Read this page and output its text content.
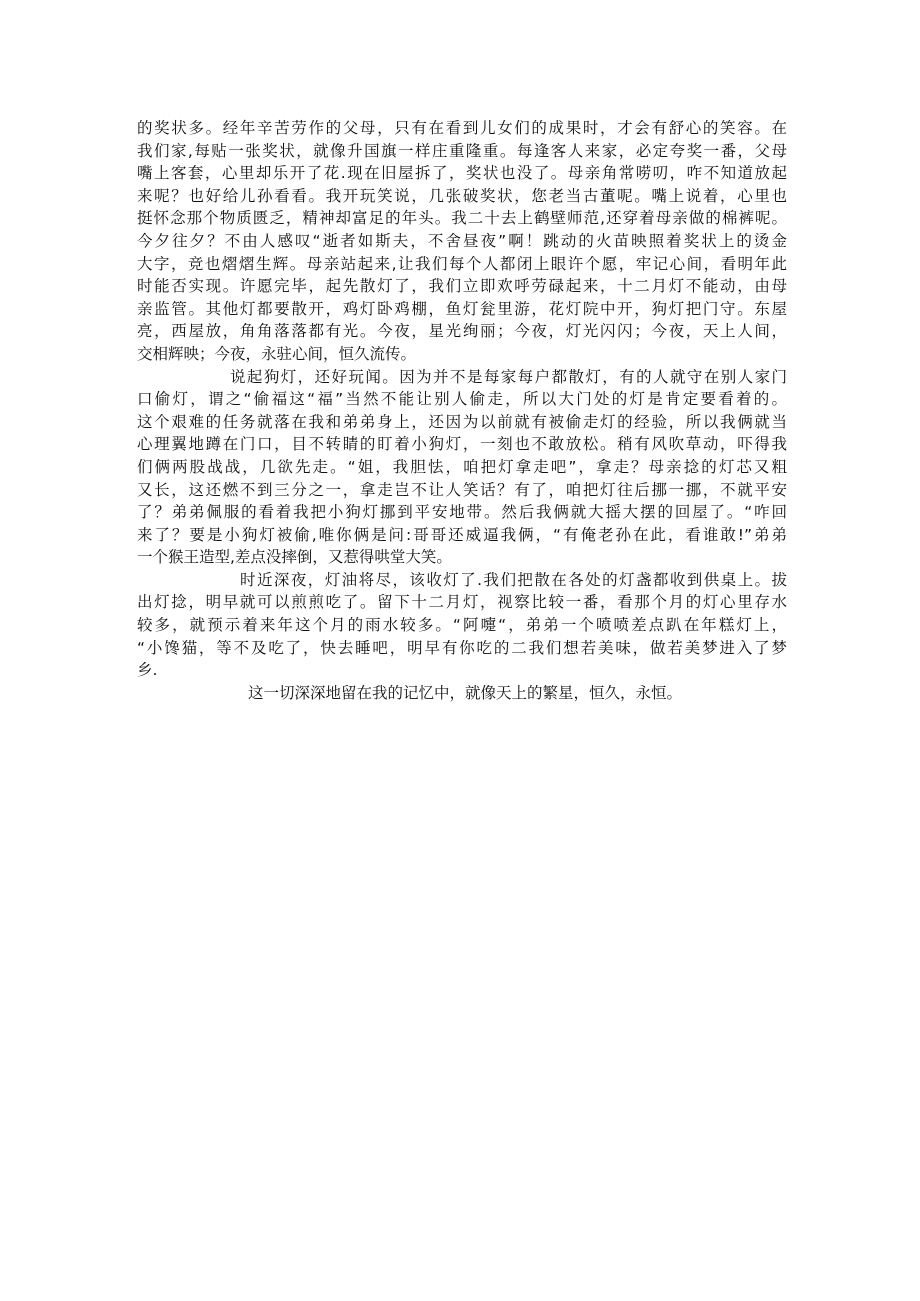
的奖状多。经年辛苦劳作的父母，只有在看到儿女们的成果时，才会有舒心的笑容。在
我们家,每贴一张奖状，就像升国旗一样庄重隆重。每逢客人来家，必定夸奖一番，父母
嘴上客套，心里却乐开了花.现在旧屋拆了，奖状也没了。母亲角常唠叨，咋不知道放起
来呢？也好给儿孙看看。我开玩笑说，几张破奖状，您老当古董呢。嘴上说着，心里也
挺怀念那个物质匮乏，精神却富足的年头。我二十去上鹤壁师范,还穿着母亲做的棉裤呢。
今夕往夕？不由人感叹“逝者如斯夫，不舍昼夜”啊！跳动的火苗映照着奖状上的烫金
大字，竞也熠熠生辉。母亲站起来,让我们每个人都闭上眼许个愿，牢记心间，看明年此
时能否实现。许愿完毕，起先散灯了，我们立即欢呼劳碌起来，十二月灯不能动，由母
亲监管。其他灯都要散开，鸡灯卧鸡棚，鱼灯瓮里游，花灯院中开，狗灯把门守。东屋
亮，西屋放，角角落落都有光。今夜，星光绚丽；今夜，灯光闪闪；今夜，天上人间，
交相辉映；今夜，永驻心间，恒久流传。
说起狗灯，还好玩闻。因为并不是每家每户都散灯，有的人就守在别人家门
口偷灯，谓之“偷福这“福”当然不能让别人偷走，所以大门处的灯是肯定要看着的。
这个艰难的任务就落在我和弟弟身上，还因为以前就有被偷走灯的经验，所以我俩就当
心理翼地蹲在门口，目不转睛的盯着小狗灯，一刻也不敢放松。稍有风吹草动，吓得我
们俩两股战战，几欲先走。“姐，我胆怯，咱把灯拿走吧”，拿走？母亲捻的灯芯又粗
又长，这还燃不到三分之一，拿走岂不让人笑话？有了，咱把灯往后挪一挪，不就平安
了？弟弟佩服的看着我把小狗灯挪到平安地带。然后我俩就大摇大摆的回屋了。“咋回
来了？要是小狗灯被偷,唯你俩是问:哥哥还威逼我俩，“有俺老孙在此，看谁敢!”弟弟
一个猴王造型,差点没摔倒，又惹得哄堂大笑。
时近深夜，灯油将尽，该收灯了.我们把散在各处的灯盏都收到供桌上。拔
出灯捻，明早就可以煎煎吃了。留下十二月灯，视察比较一番，看那个月的灯心里存水
较多，就预示着来年这个月的雨水较多。“阿嚏“，弟弟一个喷喷差点趴在年糕灯上，
“小馋猫，等不及吃了，快去睡吧，明早有你吃的二我们想若美味，做若美梦进入了梦
乡.
这一切深深地留在我的记忆中，就像天上的繁星，恒久，永恒。
